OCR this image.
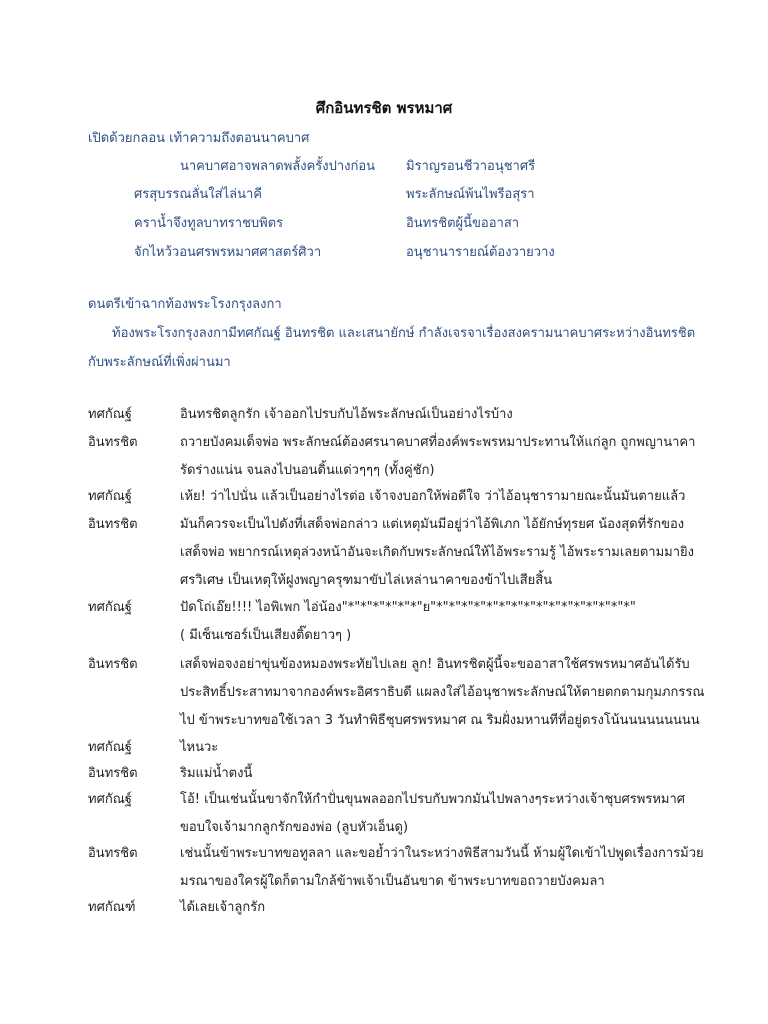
ศึกอินทรชิต พรหมาศ
เปิดด้วยกลอน เท้าความถึงตอนนาคบาศ
นาคบาศอาจพลาดพลั้งครั้งปางก่อน มิราญรอนชีวาอนุชาศรี
ศรสุบรรณลั่นใส่ไล่นาคี	พระลักษณ์พ้นไพรีอสุรา
คราน้ำจึงทูลบาทราชบพิตร	อินทรชิตผู้นี้ขออาสา
จักไหว้วอนศรพรหมาศศาสตร์ศิวา	อนุชานารายณ์ต้องวายวาง
ดนตรีเข้าฉากท้องพระโรงกรุงลงกา
ท้องพระโรงกรุงลงกามีทศกัณฐ์ อินทรชิต และเสนายักษ์ กำลังเจรจาเรื่องสงครามนาคบาศระหว่างอินทรชิต
กับพระลักษณ์ที่เพิ่งผ่านมา
ทศกัณฐ์	อินทรชิตลูกรัก เจ้าออกไปรบกับไอ้พระลักษณ์เป็นอย่างไรบ้าง
อินทรชิต	ถวายบังคมเด็จพ่อ พระลักษณ์ต้องศรนาคบาศที่องค์พระพรหมาประทานให้แก่ลูก ถูกพญานาคา
รัดร่างแน่น จนลงไปนอนดิ้นแด่วๆๆๆ (ทั้งคู่ชัก)
ทศกัณฐ์	เห้ย! ว่าไปนั่น แล้วเป็นอย่างไรต่อ เจ้าจงบอกให้พ่อดีใจ ว่าไอ้อนุชารามายณะนั้นมันตายแล้ว
อินทรชิต	มันก็ควรจะเป็นไปดังที่เสด็จพ่อกล่าว แต่เหตุมันมีอยู่ว่าไอ้พิเภก ไอ้ยักษ์ทุรยศ น้องสุดที่รักของ
เสด็จพ่อ พยากรณ์เหตุล่วงหน้าอันจะเกิดกับพระลักษณ์ให้ไอ้พระรามรู้ ไอ้พระรามเลยตามมายิง
ศรวิเศษ เป็นเหตุให้ฝูงพญาครุฑมาขับไล่เหล่านาคาของข้าไปเสียสิ้น
ทศกัณฐ์	ปัดโถ่เอ๊ย!!!! ไอพิเพก ไอ่น้อง"*"*"*"*"*"*"ย"*"*"*"*"*"*"*"*"*"*"*"*"*"*"*"*"
( มีเซ็นเซอร์เป็นเสียงติ๊ดยาวๆ )
อินทรชิต	เสด็จพ่อจงอย่าขุ่นข้องหมองพระทัยไปเลย ลูก! อินทรชิตผู้นี้จะขออาสาใช้ศรพรหมาศอันได้รับ
ประสิทธิ์ประสาทมาจากองค์พระอิศราธิบดี แผลงใส่ไอ้อนุชาพระลักษณ์ให้ตายตกตามกุมภกรรณ
ไป ข้าพระบาทขอใช้เวลา 3 วันทำพิธีชุบศรพรหมาศ ณ ริมฝั่งมหานทีที่อยู่ตรงโน้นนนนนนนนน
ทศกัณฐ์	ไหนวะ
อินทรชิต	ริมแม่น้ำตงนี้
ทศกัณฐ์	โอ้! เป็นเช่นนั้นขาจักให้กำปั่นขุนพลออกไปรบกับพวกมันไปพลางๆระหว่างเจ้าชุบศรพรหมาศ
ขอบใจเจ้ามากลูกรักของพ่อ (ลูบหัวเอ็นดู)
อินทรชิต	เช่นนั้นข้าพระบาทขอทูลลา และขอย้ำว่าในระหว่างพิธีสามวันนี้ ห้ามผู้ใดเข้าไปพูดเรื่องการม้วย
มรณาของใครผู้ใดก็ตามใกล้ข้าพเจ้าเป็นอันขาด ข้าพระบาทขอถวายบังคมลา
ทศกัณฑ์	ได้เลยเจ้าลูกรัก
